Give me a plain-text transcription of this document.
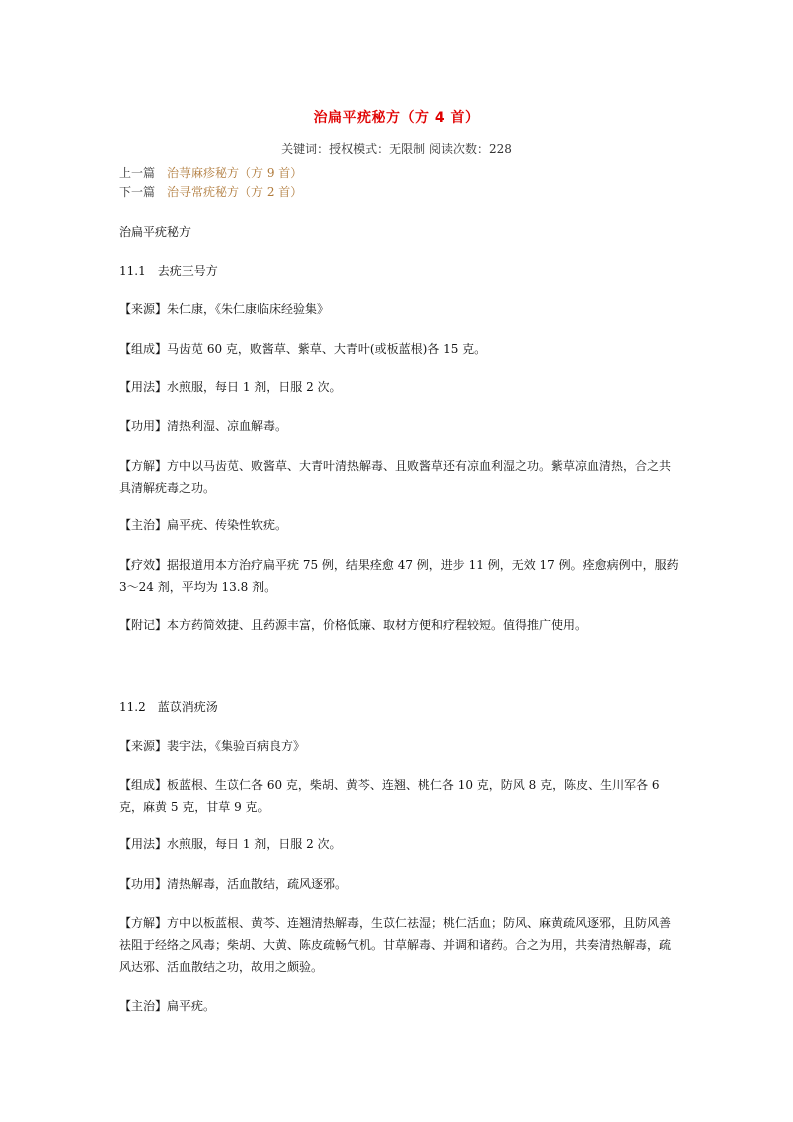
治扁平疣秘方（方 4 首）
关键词：授权模式：无限制 阅读次数：228
上一篇 治荨麻疹秘方（方 9 首）
下一篇 治寻常疣秘方（方 2 首）
治扁平疣秘方
11.1　去疣三号方
【来源】朱仁康，《朱仁康临床经验集》
【组成】马齿苋 60 克，败酱草、紫草、大青叶(或板蓝根)各 15 克。
【用法】水煎服，每日 1 剂，日服 2 次。
【功用】清热利湿、凉血解毒。
【方解】方中以马齿苋、败酱草、大青叶清热解毒、且败酱草还有凉血利湿之功。紫草凉血清热，合之共具清解疣毒之功。
【主治】扁平疣、传染性软疣。
【疗效】据报道用本方治疗扁平疣 75 例，结果痊愈 47 例，进步 11 例，无效 17 例。痊愈病例中，服药 3～24 剂，平均为 13.8 剂。
【附记】本方药简效捷、且药源丰富，价格低廉、取材方便和疗程较短。值得推广使用。
11.2　蓝苡消疣汤
【来源】裴宇法，《集验百病良方》
【组成】板蓝根、生苡仁各 60 克，柴胡、黄芩、连翘、桃仁各 10 克，防风 8 克，陈皮、生川军各 6 克，麻黄 5 克，甘草 9 克。
【用法】水煎服，每日 1 剂，日服 2 次。
【功用】清热解毒，活血散结，疏风逐邪。
【方解】方中以板蓝根、黄芩、连翘清热解毒，生苡仁祛湿；桃仁活血；防风、麻黄疏风逐邪，且防风善祛阻于经络之风毒；柴胡、大黄、陈皮疏畅气机。甘草解毒、并调和诸药。合之为用，共奏清热解毒，疏风达邪、活血散结之功，故用之颇验。
【主治】扁平疣。
